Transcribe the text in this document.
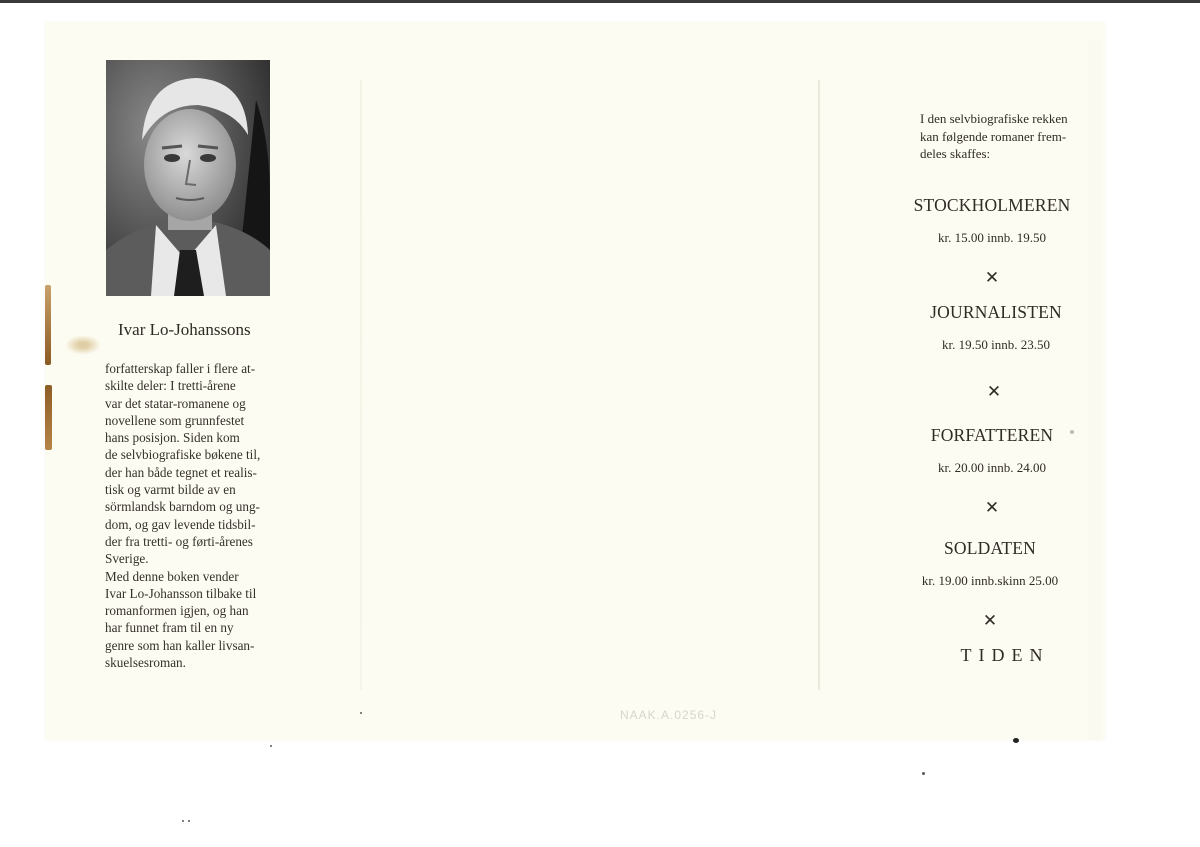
Ivar Lo-Johanssons
forfatterskap faller i flere at-
skilte deler: I tretti-årene
var det statar-romanene og
novellene som grunnfestet
hans posisjon. Siden kom
de selvbiografiske bøkene til,
der han både tegnet et realis-
tisk og varmt bilde av en
sörmlandsk barndom og ung-
dom, og gav levende tidsbil-
der fra tretti- og førti-årenes
Sverige.
Med denne boken vender
Ivar Lo-Johansson tilbake til
romanformen igjen, og han
har funnet fram til en ny
genre som han kaller livsan-
skuelsesroman.
I den selvbiografiske rekken
kan følgende romaner frem-
deles skaffes:
STOCKHOLMEREN
kr. 15.00 innb. 19.50
✕
JOURNALISTEN
kr. 19.50 innb. 23.50
✕
FORFATTEREN
kr. 20.00 innb. 24.00
✕
SOLDATEN
kr. 19.00 innb.skinn 25.00
✕
TIDEN
NAAK.A.0256-J
